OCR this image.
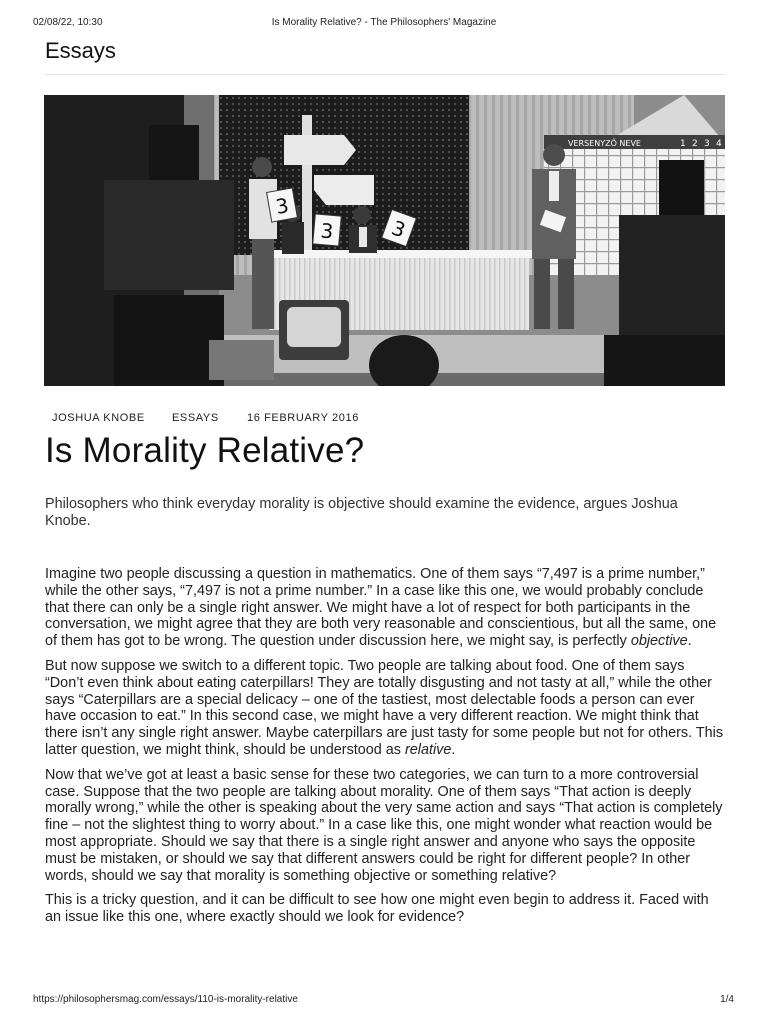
02/08/22, 10:30	Is Morality Relative? - The Philosophers' Magazine
Essays
VERSENYZŐ NEVE	1 2 3 4
3
3	3
JOSHUA KNOBE ESSAYS	16 FEBRUARY 2016
Is Morality Relative?

Philosophers who think everyday morality is objective should examine the evidence, argues Joshua Knobe.

Imagine two people discussing a question in mathematics. One of them says “7,497 is a prime number,” while the other says, “7,497 is not a prime number.” In a case like this one, we would probably conclude that there can only be a single right answer. We might have a lot of respect for both participants in the conversation, we might agree that they are both very reasonable and conscientious, but all the same, one of them has got to be wrong. The question under discussion here, we might say, is perfectly objective.

But now suppose we switch to a different topic. Two people are talking about food. One of them says “Don’t even think about eating caterpillars! They are totally disgusting and not tasty at all,” while the other says “Caterpillars are a special delicacy – one of the tastiest, most delectable foods a person can ever have occasion to eat.” In this second case, we might have a very different reaction. We might think that there isn’t any single right answer. Maybe caterpillars are just tasty for some people but not for others. This latter question, we might think, should be understood as relative.

Now that we’ve got at least a basic sense for these two categories, we can turn to a more controversial case. Suppose that the two people are talking about morality. One of them says “That action is deeply morally wrong,” while the other is speaking about the very same action and says “That action is completely fine – not the slightest thing to worry about.” In a case like this, one might wonder what reaction would be most appropriate. Should we say that there is a single right answer and anyone who says the opposite must be mistaken, or should we say that different answers could be right for different people? In other words, should we say that morality is something objective or something relative?

This is a tricky question, and it can be difficult to see how one might even begin to address it. Faced with an issue like this one, where exactly should we look for evidence?

https://philosophersmag.com/essays/110-is-morality-relative	1/4
